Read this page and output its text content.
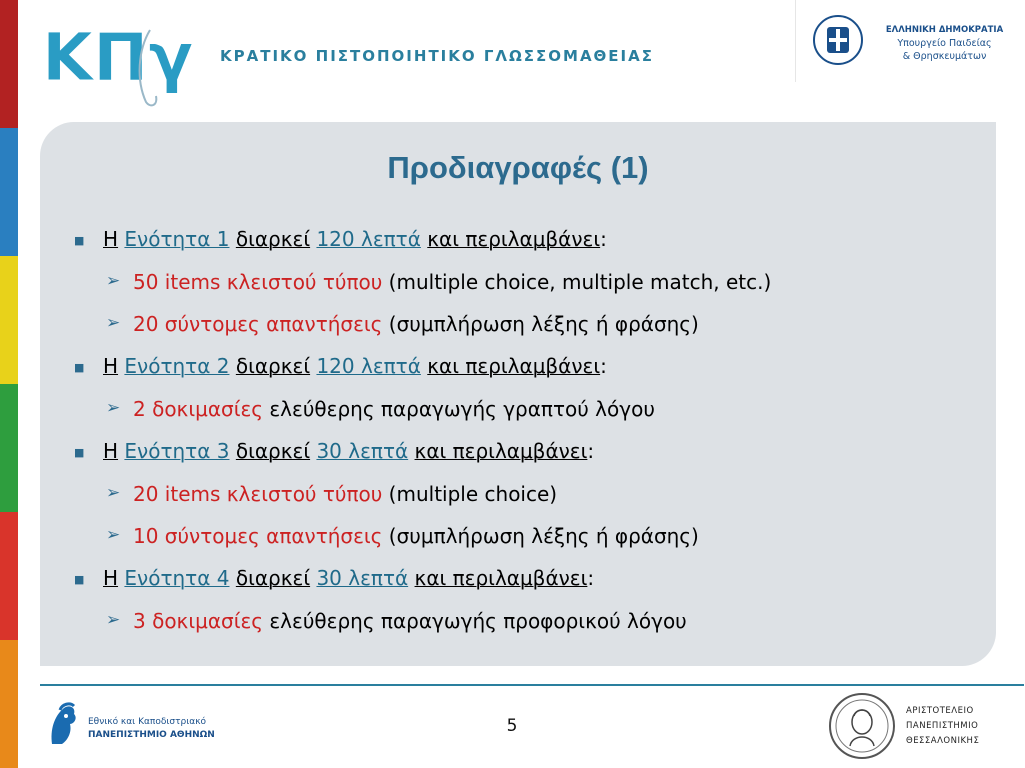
ΚΠγ ΚΡΑΤΙΚΟ ΠΙΣΤΟΠΟΙΗΤΙΚΟ ΓΛΩΣΣΟΜΑΘΕΙΑΣ
ΕΛΛΗΝΙΚΗ ΔΗΜΟΚΡΑΤΙΑ
Υπουργείο Παιδείας
& Θρησκευμάτων
Προδιαγραφές (1)
■ Η Ενότητα 1 διαρκεί 120 λεπτά και περιλαμβάνει:
➢ 50 items κλειστού τύπου (multiple choice, multiple match, etc.)
➢ 20 σύντομες απαντήσεις (συμπλήρωση λέξης ή φράσης)
■ Η Ενότητα 2 διαρκεί 120 λεπτά και περιλαμβάνει:
➢ 2 δοκιμασίες ελεύθερης παραγωγής γραπτού λόγου
■ Η Ενότητα 3 διαρκεί 30 λεπτά και περιλαμβάνει:
➢ 20 items κλειστού τύπου (multiple choice)
➢ 10 σύντομες απαντήσεις (συμπλήρωση λέξης ή φράσης)
■ Η Ενότητα 4 διαρκεί 30 λεπτά και περιλαμβάνει:
➢ 3 δοκιμασίες ελεύθερης παραγωγής προφορικού λόγου
Εθνικό και Καποδιστριακό
ΠΑΝΕΠΙΣΤΗΜΙΟ ΑΘΗΝΩΝ	5
ΑΡΙΣΤΟΤΕΛΕΙΟ
ΠΑΝΕΠΙΣΤΗΜΙΟ
ΘΕΣΣΑΛΟΝΙΚΗΣ
